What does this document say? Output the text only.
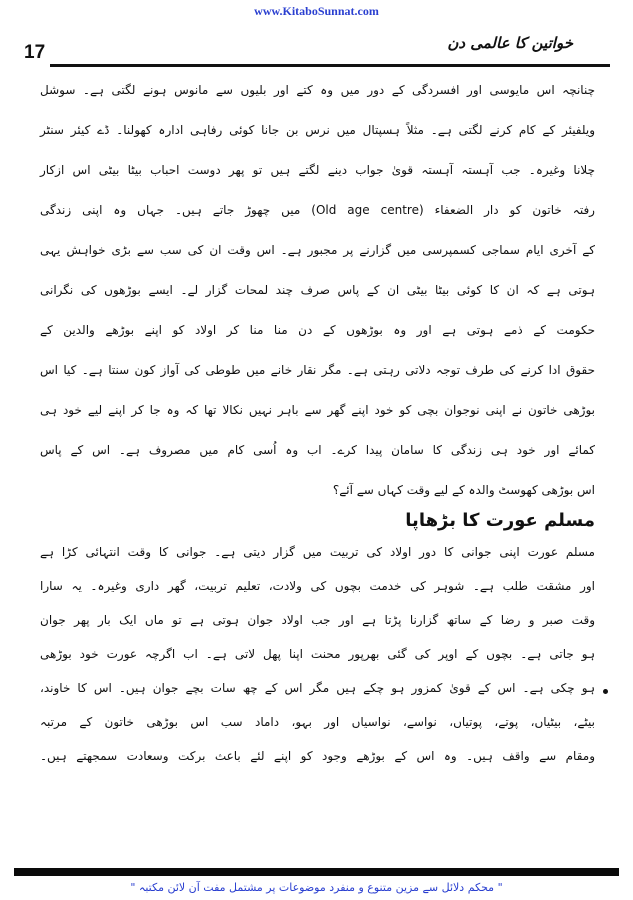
www.KitaboSunnat.com
خواتین کا عالمی دن
17
چنانچہ اس مایوسی اور افسردگی کے دور میں وہ کتے اور بلیوں سے مانوس ہونے لگتی ہے۔ سوشل
ویلفیئر کے کام کرنے لگتی ہے۔ مثلاً ہسپتال میں نرس بن جانا کوئی رفاہی ادارہ کھولنا۔ ڈے کیئر سنٹر
چلانا وغیرہ۔ جب آہستہ آہستہ قویٰ جواب دینے لگتے ہیں تو پھر دوست احباب بیٹا بیٹی اس ازکار
رفتہ خاتون کو دار الضعفاء (Old age centre) میں چھوڑ جاتے ہیں۔ جہاں وہ اپنی زندگی
کے آخری ایام سماجی کسمپرسی میں گزارنے پر مجبور ہے۔ اس وقت ان کی سب سے بڑی خواہش یہی
ہوتی ہے کہ ان کا کوئی بیٹا بیٹی ان کے پاس صرف چند لمحات گزار لے۔ ایسے بوڑھوں کی نگرانی
حکومت کے ذمے ہوتی ہے اور وہ بوڑھوں کے دن منا منا کر اولاد کو اپنے بوڑھے والدین کے
حقوق ادا کرنے کی طرف توجہ دلاتی رہتی ہے۔ مگر نقار خانے میں طوطی کی آواز کون سنتا ہے۔ کیا اس
بوڑھی خاتون نے اپنی نوجوان بچی کو خود اپنے گھر سے باہر نہیں نکالا تھا کہ وہ جا کر اپنے لیے خود ہی
کمائے اور خود ہی زندگی کا سامان پیدا کرے۔ اب وہ اُسی کام میں مصروف ہے۔ اس کے پاس
اس بوڑھی کھوسٹ والدہ کے لیے وقت کہاں سے آئے؟
مسلم عورت کا بڑھاپا
مسلم عورت اپنی جوانی کا دور اولاد کی تربیت میں گزار دیتی ہے۔ جوانی کا وقت انتہائی کڑا ہے
اور مشقت طلب ہے۔ شوہر کی خدمت بچوں کی ولادت، تعلیم تربیت، گھر داری وغیرہ۔ یہ سارا
وقت صبر و رضا کے ساتھ گزارنا پڑتا ہے اور جب اولاد جوان ہوتی ہے تو ماں ایک بار پھر جوان
ہو جاتی ہے۔ بچوں کے اوپر کی گئی بھرپور محنت اپنا پھل لاتی ہے۔ اب اگرچہ عورت خود بوڑھی
ہو چکی ہے۔ اس کے قویٰ کمزور ہو چکے ہیں مگر اس کے چھ سات بچے جوان ہیں۔ اس کا خاوند،
بیٹے، بیٹیاں، پوتے، پوتیاں، نواسے، نواسیاں اور بہو، داماد سب اس بوڑھی خاتون کے مرتبہ
ومقام سے واقف ہیں۔ وہ اس کے بوڑھے وجود کو اپنے لئے باعث برکت وسعادت سمجھتے ہیں۔
" محکم دلائل سے مزین متنوع و منفرد موضوعات پر مشتمل مفت آن لائن مکتبہ "
